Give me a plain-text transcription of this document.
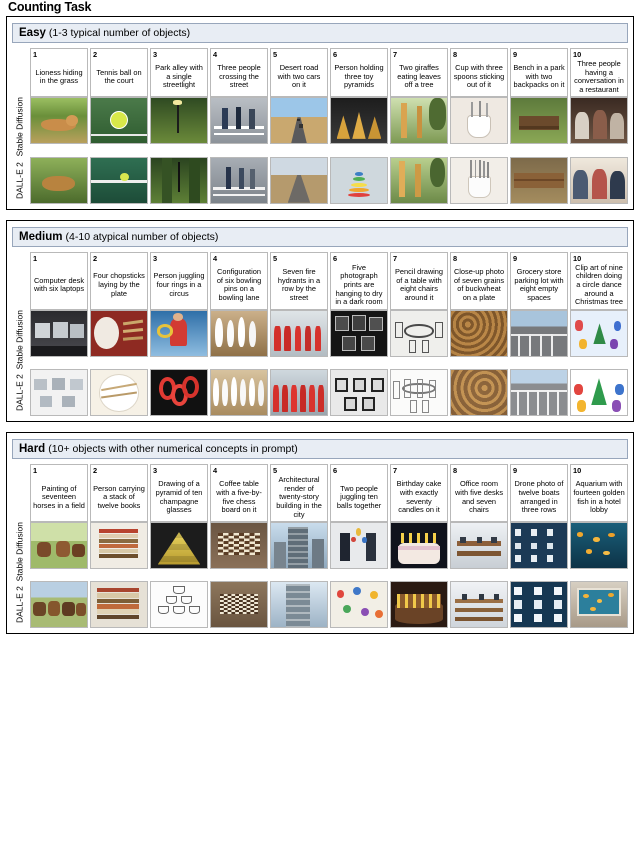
Counting Task
Easy (1-3 typical number of objects)
1
Lioness hiding in the grass
2
Tennis ball on the court
3
Park alley with a single streetlight
4
Three people crossing the street
5
Desert road with two cars on it
6
Person holding three toy pyramids
7
Two giraffes eating leaves off a tree
8
Cup with three spoons sticking out of it
9
Bench in a park with two backpacks on it
10
Three people having a conversation in a restaurant
Stable Diffusion
DALL-E 2
Medium (4-10 atypical number of objects)
1
Computer desk with six laptops
2
Four chopsticks laying by the plate
3
Person juggling four rings in a circus
4
Configuration of six bowling pins on a bowling lane
5
Seven fire hydrants in a row by the street
6
Five photograph prints are hanging to dry in a dark room
7
Pencil drawing of a table with eight chairs around it
8
Close-up photo of seven grains of buckwheat on a plate
9
Grocery store parking lot with eight empty spaces
10
Clip art of nine children doing a circle dance around a Christmas tree
Stable Diffusion
DALL-E 2
Hard (10+ objects with other numerical concepts in prompt)
1
Painting of seventeen horses in a field
2
Person carrying a stack of twelve books
3
Drawing of a pyramid of ten champagne glasses
4
Coffee table with a five-by-five chess board on it
5
Architectural render of twenty-story building in the city
6
Two people juggling ten balls together
7
Birthday cake with exactly seventy candles on it
8
Office room with five desks and seven chairs
9
Drone photo of twelve boats arranged in three rows
10
Aquarium with fourteen golden fish in a hotel lobby
Stable Diffusion
DALL-E 2
